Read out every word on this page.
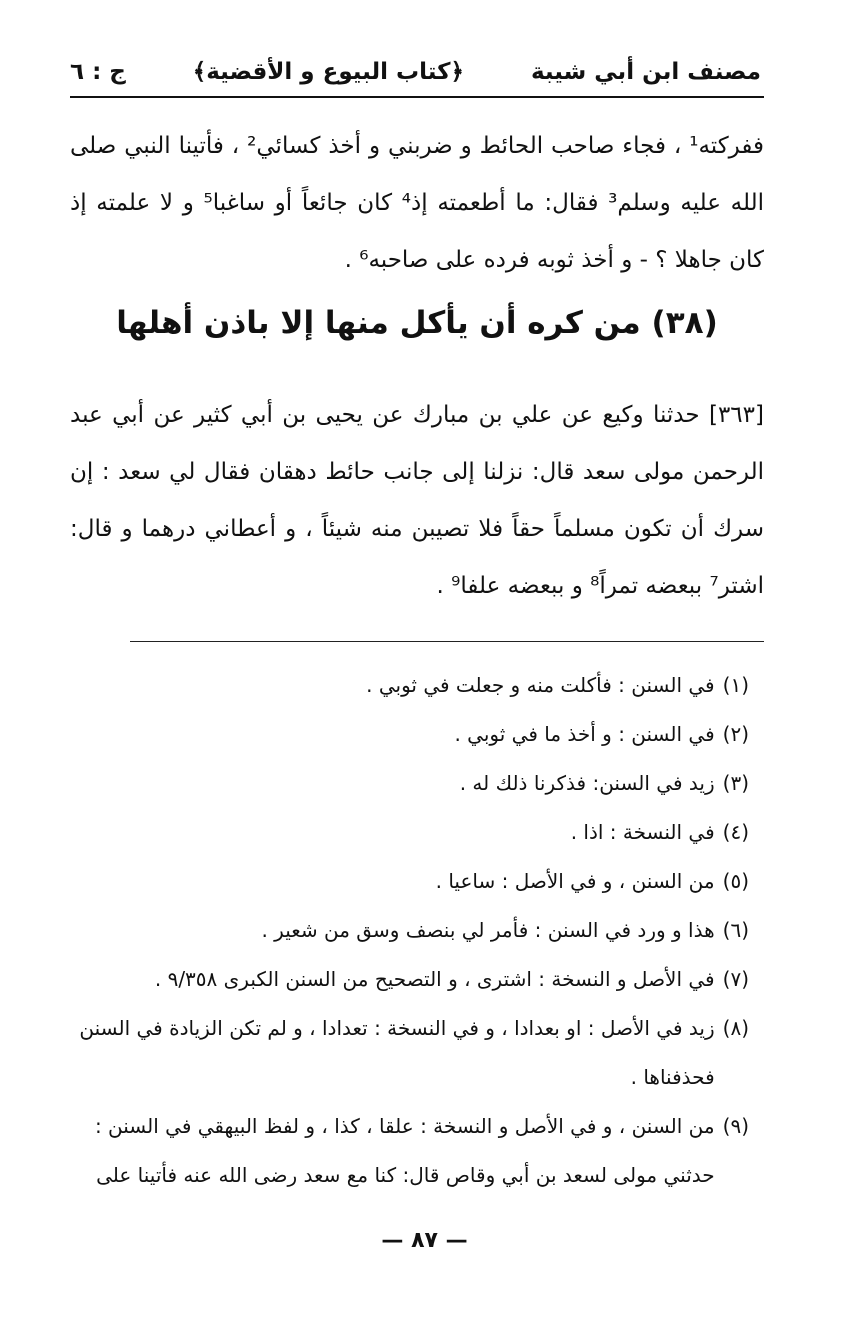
مصنف ابن أبي شيبة
﴿كتاب البيوع و الأقضية﴾
ج : ٦
ففركته¹ ، فجاء صاحب الحائط و ضربني و أخذ كسائي² ، فأتينا النبي صلى الله عليه وسلم³ فقال: ما أطعمته إذ⁴ كان جائعاً أو ساغبا⁵ و لا علمته إذ كان جاهلا ؟ - و أخذ ثوبه فرده على صاحبه⁶ .
(٣٨) من كره أن يأكل منها إلا باذن أهلها
[٣٦٣] حدثنا وكيع عن علي بن مبارك عن يحيى بن أبي كثير عن أبي عبد الرحمن مولى سعد قال: نزلنا إلى جانب حائط دهقان فقال لي سعد : إن سرك أن تكون مسلماً حقاً فلا تصيبن منه شيئاً ، و أعطاني درهما و قال: اشتر⁷ ببعضه تمراً⁸ و ببعضه علفا⁹ .
(١)
في السنن : فأكلت منه و جعلت في ثوبي .
(٢)
في السنن : و أخذ ما في ثوبي .
(٣)
زيد في السنن: فذكرنا ذلك له .
(٤)
في النسخة : اذا .
(٥)
من السنن ، و في الأصل : ساعيا .
(٦)
هذا و ورد في السنن : فأمر لي بنصف وسق من شعير .
(٧)
في الأصل و النسخة : اشترى ، و التصحيح من السنن الكبرى ٩/٣٥٨ .
(٨)
زيد في الأصل : او بعدادا ، و في النسخة : تعدادا ، و لم تكن الزيادة في السنن فحذفناها .
(٩)
من السنن ، و في الأصل و النسخة : علقا ، كذا ، و لفظ البيهقي في السنن : حدثني مولى لسعد بن أبي وقاص قال: كنا مع سعد رضى الله عنه فأتينا على
— ٨٧ —
